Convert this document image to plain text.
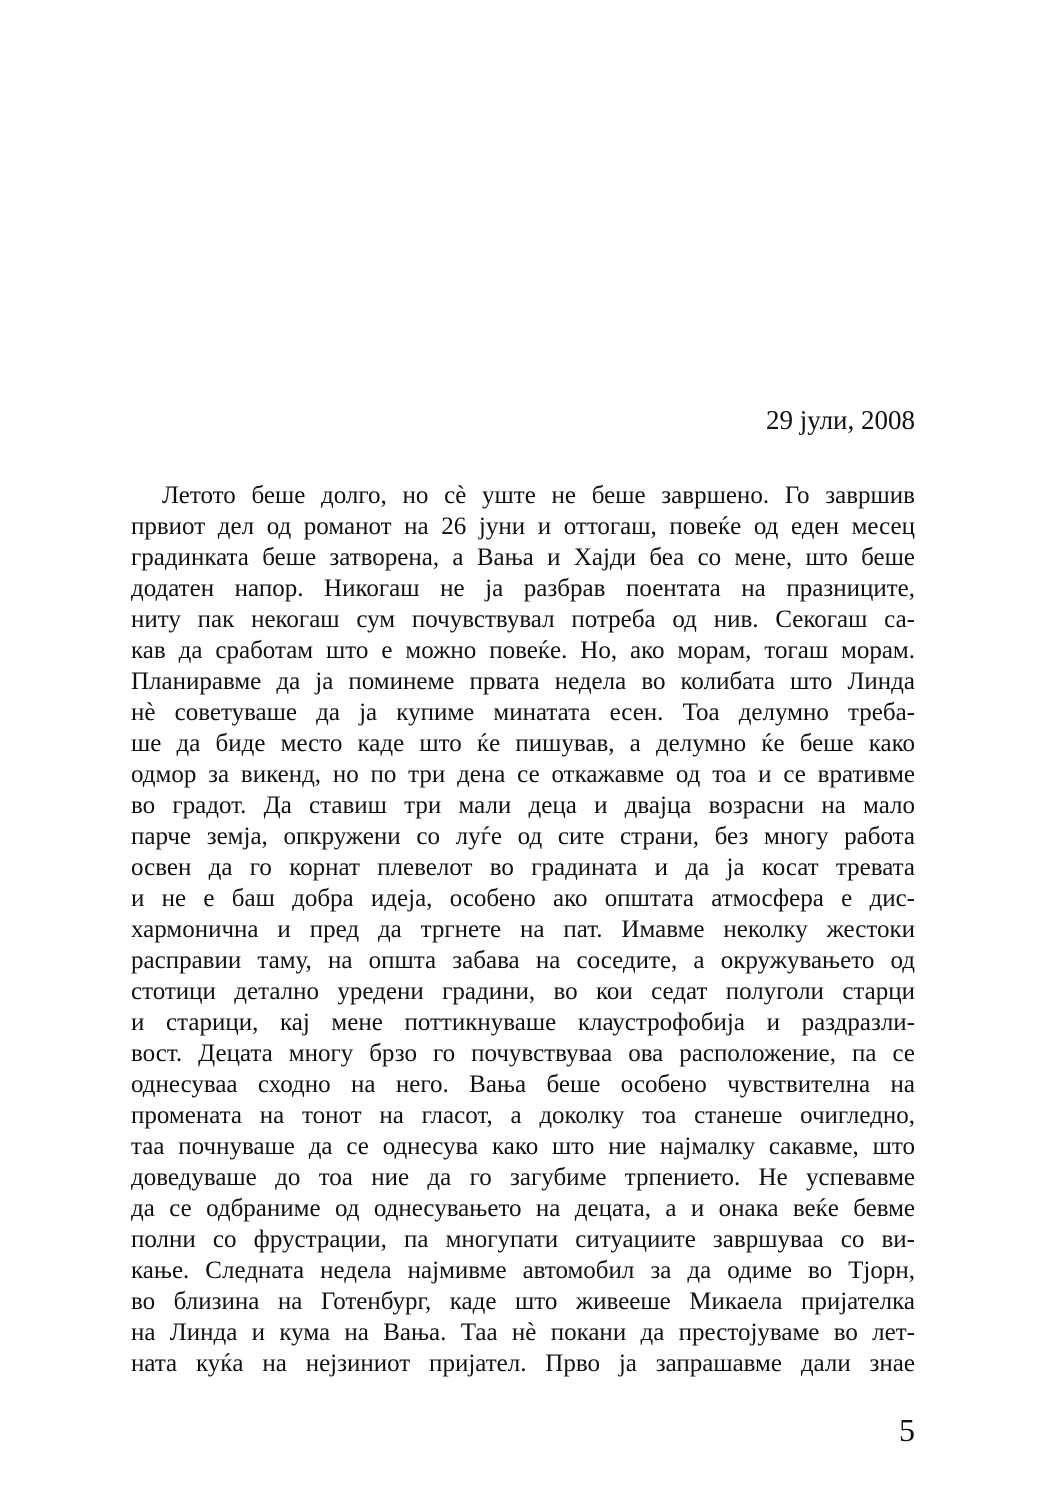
29 јули, 2008
Летото беше долго, но сѐ уште не беше завршено. Го завршив
првиот дел од романот на 26 јуни и оттогаш, повеќе од еден месец
градинката беше затворена, а Вања и Хајди беа со мене, што беше
додатен напор. Никогаш не ја разбрав поентата на празниците,
ниту пак некогаш сум почувствувал потреба од нив. Секогаш са-
кав да сработам што е можно повеќе. Но, ако морам, тогаш морам.
Планиравме да ја поминеме првата недела во колибата што Линда
нѐ советуваше да ја купиме минатата есен. Тоа делумно треба-
ше да биде место каде што ќе пишував, а делумно ќе беше како
одмор за викенд, но по три дена се откажавме од тоа и се вративме
во градот. Да ставиш три мали деца и двајца возрасни на мало
парче земја, опкружени со луѓе од сите страни, без многу работа
освен да го корнат плевелот во градината и да ја косат тревата
и не е баш добра идеја, особено ако општата атмосфера е дис-
хармонична и пред да тргнете на пат. Имавме неколку жестоки
расправии таму, на општа забава на соседите, а окружувањето од
стотици детално уредени градини, во кои седат полуголи старци
и старици, кај мене поттикнуваше клаустрофобија и раздразли-
вост. Децата многу брзо го почувствуваа ова расположение, па се
однесуваа сходно на него. Вања беше особено чувствителна на
промената на тонот на гласот, а доколку тоа станеше очигледно,
таа почнуваше да се однесува како што ние најмалку сакавме, што
доведуваше до тоа ние да го загубиме трпението. Не успевавме
да се одбраниме од однесувањето на децата, а и онака веќе бевме
полни со фрустрации, па многупати ситуациите завршуваа со ви-
кање. Следната недела најмивме автомобил за да одиме во Тјорн,
во близина на Готенбург, каде што живееше Микаела пријателка
на Линда и кума на Вања. Таа нѐ покани да престојуваме во лет-
ната куќа на нејзиниот пријател. Прво ја запрашавме дали знае
5
